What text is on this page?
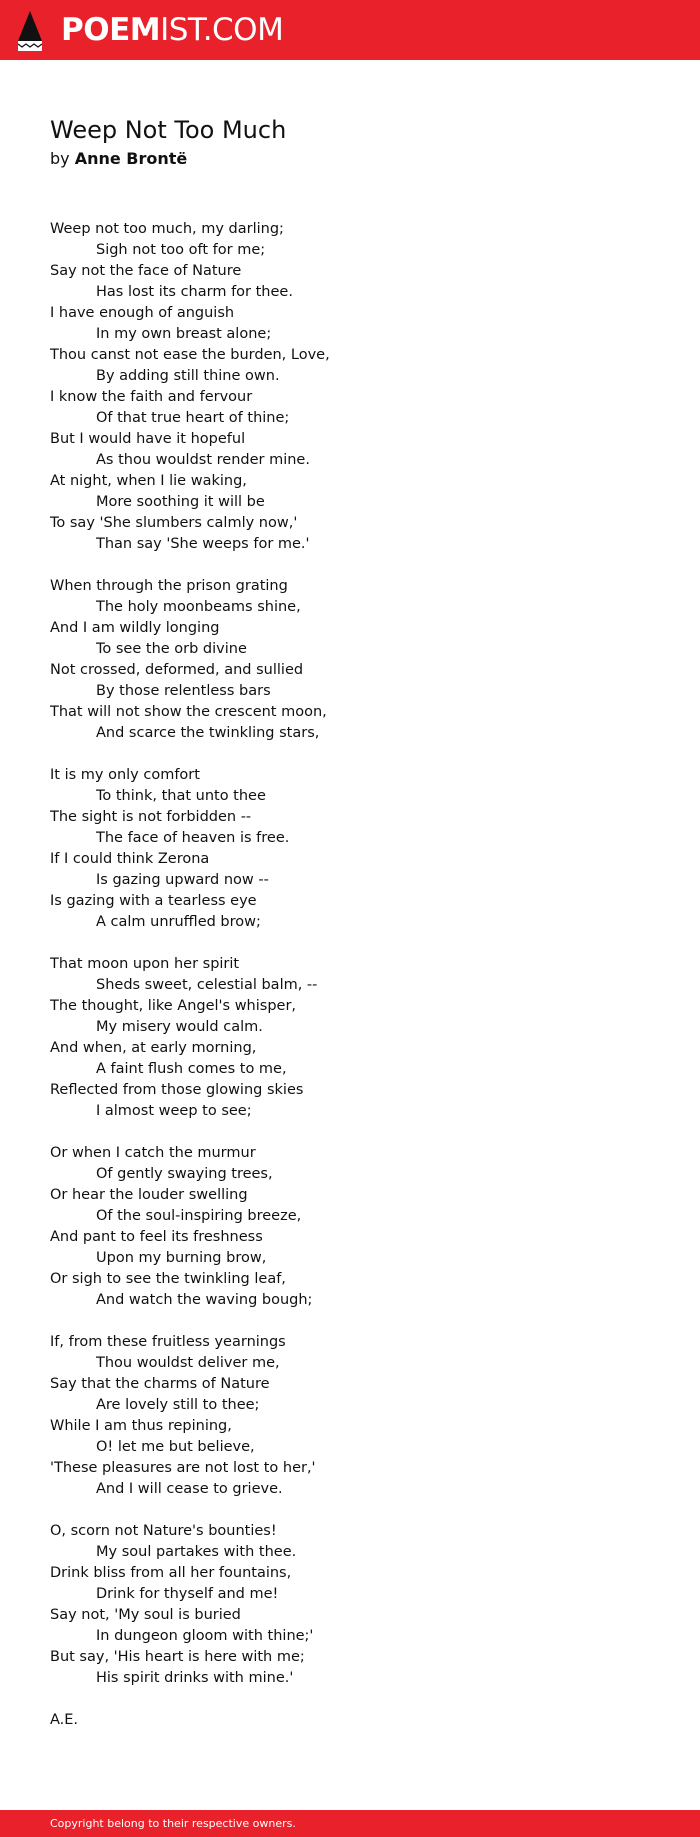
POEMIST.COM
Weep Not Too Much
by Anne Brontë
Weep not too much, my darling;
Sigh not too oft for me;
Say not the face of Nature
Has lost its charm for thee.
I have enough of anguish
In my own breast alone;
Thou canst not ease the burden, Love,
By adding still thine own.
I know the faith and fervour
Of that true heart of thine;
But I would have it hopeful
As thou wouldst render mine.
At night, when I lie waking,
More soothing it will be
To say 'She slumbers calmly now,'
Than say 'She weeps for me.'
When through the prison grating
The holy moonbeams shine,
And I am wildly longing
To see the orb divine
Not crossed, deformed, and sullied
By those relentless bars
That will not show the crescent moon,
And scarce the twinkling stars,
It is my only comfort
To think, that unto thee
The sight is not forbidden --
The face of heaven is free.
If I could think Zerona
Is gazing upward now --
Is gazing with a tearless eye
A calm unruffled brow;
That moon upon her spirit
Sheds sweet, celestial balm, --
The thought, like Angel's whisper,
My misery would calm.
And when, at early morning,
A faint flush comes to me,
Reflected from those glowing skies
I almost weep to see;
Or when I catch the murmur
Of gently swaying trees,
Or hear the louder swelling
Of the soul-inspiring breeze,
And pant to feel its freshness
Upon my burning brow,
Or sigh to see the twinkling leaf,
And watch the waving bough;
If, from these fruitless yearnings
Thou wouldst deliver me,
Say that the charms of Nature
Are lovely still to thee;
While I am thus repining,
O! let me but believe,
'These pleasures are not lost to her,'
And I will cease to grieve.
O, scorn not Nature's bounties!
My soul partakes with thee.
Drink bliss from all her fountains,
Drink for thyself and me!
Say not, 'My soul is buried
In dungeon gloom with thine;'
But say, 'His heart is here with me;
His spirit drinks with mine.'
A.E.
Copyright belong to their respective owners.
